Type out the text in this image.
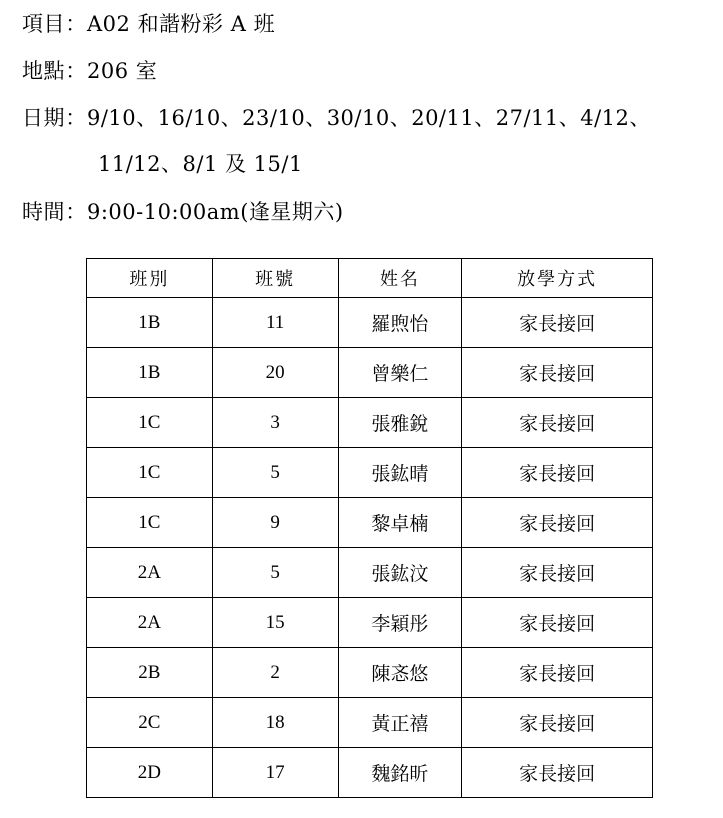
項目：A02 和諧粉彩 A 班
地點：206 室
日期：9/10、16/10、23/10、30/10、20/11、27/11、4/12、
11/12、8/1 及 15/1
時間：9:00-10:00am(逢星期六)
班別	班號	姓名	放學方式
1B	11	羅煦怡	家長接回
1B	20	曾樂仁	家長接回
1C	3	張雅銳	家長接回
1C	5	張鈜晴	家長接回
1C	9	黎卓楠	家長接回
2A	5	張鈜汶	家長接回
2A	15	李穎彤	家長接回
2B	2	陳忞悠	家長接回
2C	18	黃正禧	家長接回
2D	17	魏銘昕	家長接回
